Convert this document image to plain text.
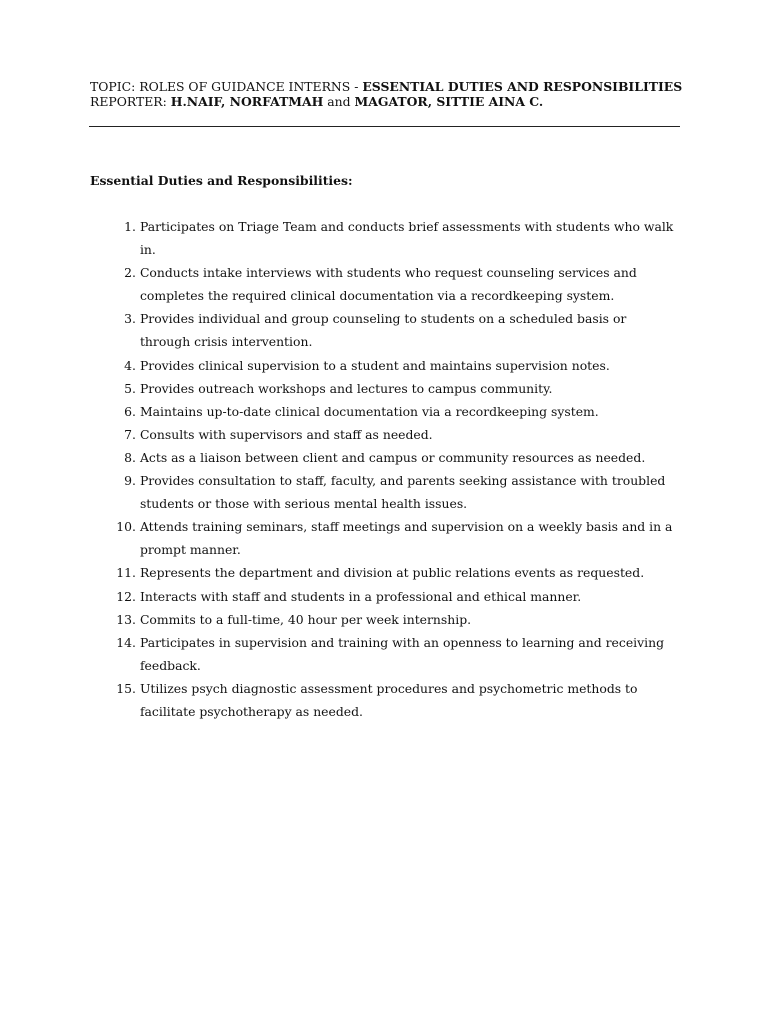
TOPIC: ROLES OF GUIDANCE INTERNS - ESSENTIAL DUTIES AND RESPONSIBILITIES
REPORTER: H.NAIF, NORFATMAH and MAGATOR, SITTIE AINA C.
Essential Duties and Responsibilities:
1.
Participates on Triage Team and conducts brief assessments with students who walk
in.
2.
Conducts intake interviews with students who request counseling services and
completes the required clinical documentation via a recordkeeping system.
3.
Provides individual and group counseling to students on a scheduled basis or
through crisis intervention.
4.
Provides clinical supervision to a student and maintains supervision notes.
5.
Provides outreach workshops and lectures to campus community.
6.
Maintains up-to-date clinical documentation via a recordkeeping system.
7.
Consults with supervisors and staff as needed.
8.
Acts as a liaison between client and campus or community resources as needed.
9.
Provides consultation to staff, faculty, and parents seeking assistance with troubled
students or those with serious mental health issues.
10.
Attends training seminars, staff meetings and supervision on a weekly basis and in a
prompt manner.
11.
Represents the department and division at public relations events as requested.
12.
Interacts with staff and students in a professional and ethical manner.
13.
Commits to a full-time, 40 hour per week internship.
14.
Participates in supervision and training with an openness to learning and receiving
feedback.
15.
Utilizes psych diagnostic assessment procedures and psychometric methods to
facilitate psychotherapy as needed.
